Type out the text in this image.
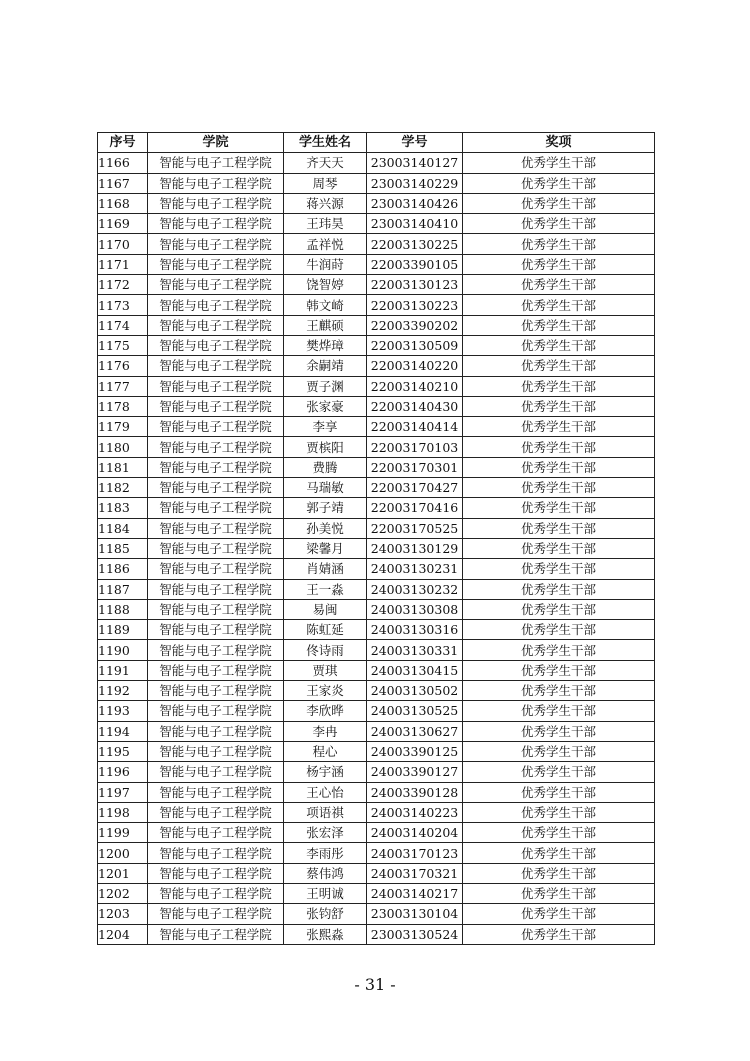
序号	学院	学生姓名	学号	奖项
1166	智能与电子工程学院	齐天天	23003140127	优秀学生干部
1167	智能与电子工程学院	周琴	23003140229	优秀学生干部
1168	智能与电子工程学院	蒋兴源	23003140426	优秀学生干部
1169	智能与电子工程学院	王玮昊	23003140410	优秀学生干部
1170	智能与电子工程学院	孟祥悦	22003130225	优秀学生干部
1171	智能与电子工程学院	牛润莳	22003390105	优秀学生干部
1172	智能与电子工程学院	饶智婷	22003130123	优秀学生干部
1173	智能与电子工程学院	韩文崎	22003130223	优秀学生干部
1174	智能与电子工程学院	王麒硕	22003390202	优秀学生干部
1175	智能与电子工程学院	樊烨璋	22003130509	优秀学生干部
1176	智能与电子工程学院	余嗣靖	22003140220	优秀学生干部
1177	智能与电子工程学院	贾子渊	22003140210	优秀学生干部
1178	智能与电子工程学院	张家豪	22003140430	优秀学生干部
1179	智能与电子工程学院	李享	22003140414	优秀学生干部
1180	智能与电子工程学院	贾槟阳	22003170103	优秀学生干部
1181	智能与电子工程学院	费腾	22003170301	优秀学生干部
1182	智能与电子工程学院	马瑞敏	22003170427	优秀学生干部
1183	智能与电子工程学院	郭子靖	22003170416	优秀学生干部
1184	智能与电子工程学院	孙美悦	22003170525	优秀学生干部
1185	智能与电子工程学院	梁馨月	24003130129	优秀学生干部
1186	智能与电子工程学院	肖婧涵	24003130231	优秀学生干部
1187	智能与电子工程学院	王一淼	24003130232	优秀学生干部
1188	智能与电子工程学院	易闽	24003130308	优秀学生干部
1189	智能与电子工程学院	陈虹延	24003130316	优秀学生干部
1190	智能与电子工程学院	佟诗雨	24003130331	优秀学生干部
1191	智能与电子工程学院	贾琪	24003130415	优秀学生干部
1192	智能与电子工程学院	王家炎	24003130502	优秀学生干部
1193	智能与电子工程学院	李欣晔	24003130525	优秀学生干部
1194	智能与电子工程学院	李冉	24003130627	优秀学生干部
1195	智能与电子工程学院	程心	24003390125	优秀学生干部
1196	智能与电子工程学院	杨宇涵	24003390127	优秀学生干部
1197	智能与电子工程学院	王心怡	24003390128	优秀学生干部
1198	智能与电子工程学院	项语祺	24003140223	优秀学生干部
1199	智能与电子工程学院	张宏泽	24003140204	优秀学生干部
1200	智能与电子工程学院	李雨彤	24003170123	优秀学生干部
1201	智能与电子工程学院	蔡伟鸿	24003170321	优秀学生干部
1202	智能与电子工程学院	王明诚	24003140217	优秀学生干部
1203	智能与电子工程学院	张钧舒	23003130104	优秀学生干部
1204	智能与电子工程学院	张熙淼	23003130524	优秀学生干部
- 31 -
